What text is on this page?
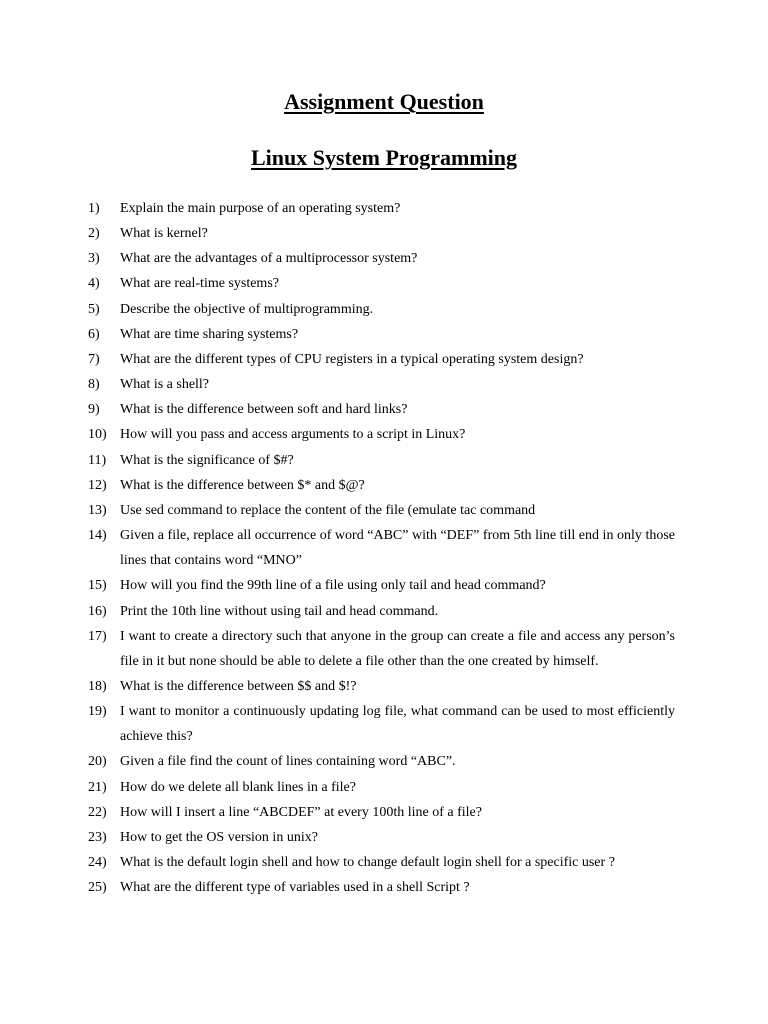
Assignment Question
Linux System Programming
1)	Explain the main purpose of an operating system?
2)	What is kernel?
3)	What are the advantages of a multiprocessor system?
4)	What are real-time systems?
5)	Describe the objective of multiprogramming.
6)	What are time sharing systems?
7)	What are the different types of CPU registers in a typical operating system design?
8)	What is a shell?
9)	What is the difference between soft and hard links?
10) How will you pass and access arguments to a script in Linux?
11) What is the significance of $#?
12) What is the difference between $* and $@?
13) Use sed command to replace the content of the file (emulate tac command
14) Given a file, replace all occurrence of word “ABC” with “DEF” from 5th line till end in only those lines that contains word “MNO”
15) How will you find the 99th line of a file using only tail and head command?
16) Print the 10th line without using tail and head command.
17) I want to create a directory such that anyone in the group can create a file and access any person’s file in it but none should be able to delete a file other than the one created by himself.
18) What is the difference between $$ and $!?
19) I want to monitor a continuously updating log file, what command can be used to most efficiently achieve this?
20) Given a file find the count of lines containing word “ABC”.
21) How do we delete all blank lines in a file?
22) How will I insert a line “ABCDEF” at every 100th line of a file?
23) How to get the OS version in unix?
24) What is the default login shell and how to change default login shell for a specific user ?
25) What are the different type of variables used in a shell Script ?
